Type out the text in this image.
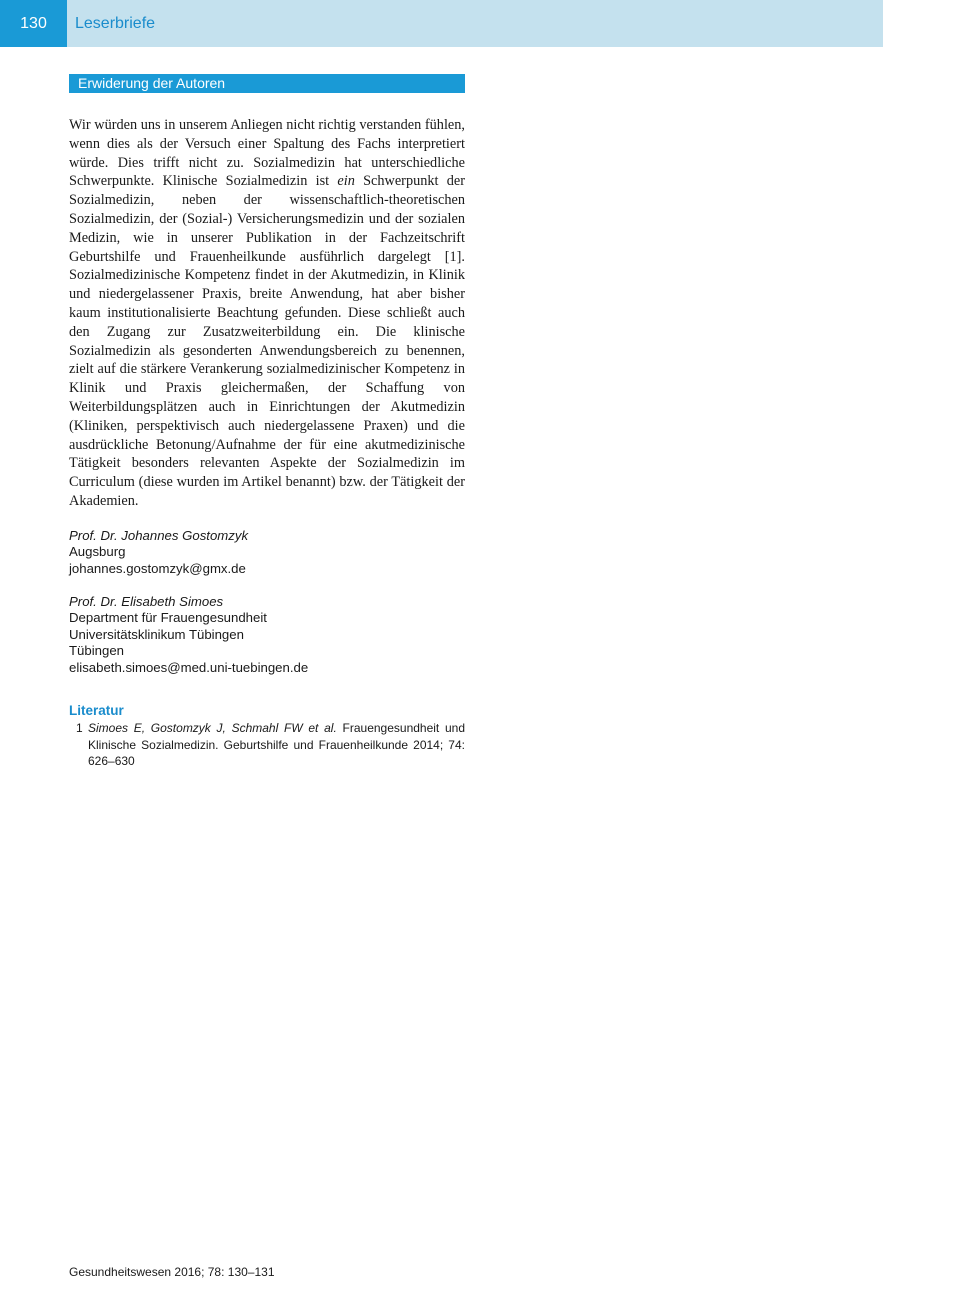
130	Leserbriefe
Erwiderung der Autoren

Wir würden uns in unserem Anliegen nicht richtig verstanden fühlen, wenn dies als der Versuch einer Spaltung des Fachs interpretiert würde. Dies trifft nicht zu. Sozialmedizin hat unterschiedliche Schwerpunkte. Klinische Sozialmedizin ist ein Schwerpunkt der Sozialmedizin, neben der wissenschaftlich-theoretischen Sozialmedizin, der (Sozial-) Versicherungsmedizin und der sozialen Medizin, wie in unserer Publikation in der Fachzeitschrift Geburtshilfe und Frauenheilkunde ausführlich dargelegt [1]. Sozialmedizinische Kompetenz findet in der Akutmedizin, in Klinik und niedergelassener Praxis, breite Anwendung, hat aber bisher kaum institutionalisierte Beachtung gefunden. Diese schließt auch den Zugang zur Zusatzweiterbildung ein. Die klinische Sozialmedizin als gesonderten Anwendungsbereich zu benennen, zielt auf die stärkere Verankerung sozialmedizinischer Kompetenz in Klinik und Praxis gleichermaßen, der Schaffung von Weiterbildungsplätzen auch in Einrichtungen der Akutmedizin (Kliniken, perspektivisch auch niedergelassene Praxen) und die ausdrückliche Betonung/Aufnahme der für eine akutmedizinische Tätigkeit besonders relevanten Aspekte der Sozialmedizin im Curriculum (diese wurden im Artikel benannt) bzw. der Tätigkeit der Akademien.

Prof. Dr. Johannes Gostomzyk
Augsburg
johannes.gostomzyk@gmx.de
Prof. Dr. Elisabeth Simoes
Department für Frauengesundheit
Universitätsklinikum Tübingen
Tübingen
elisabeth.simoes@med.uni-tuebingen.de
Literatur
1 Simoes E, Gostomzyk J, Schmahl FW et al. Frauengesundheit und Klinische Sozialmedizin. Geburtshilfe und Frauenheilkunde 2014; 74: 626–630
Gesundheitswesen 2016; 78: 130–131
